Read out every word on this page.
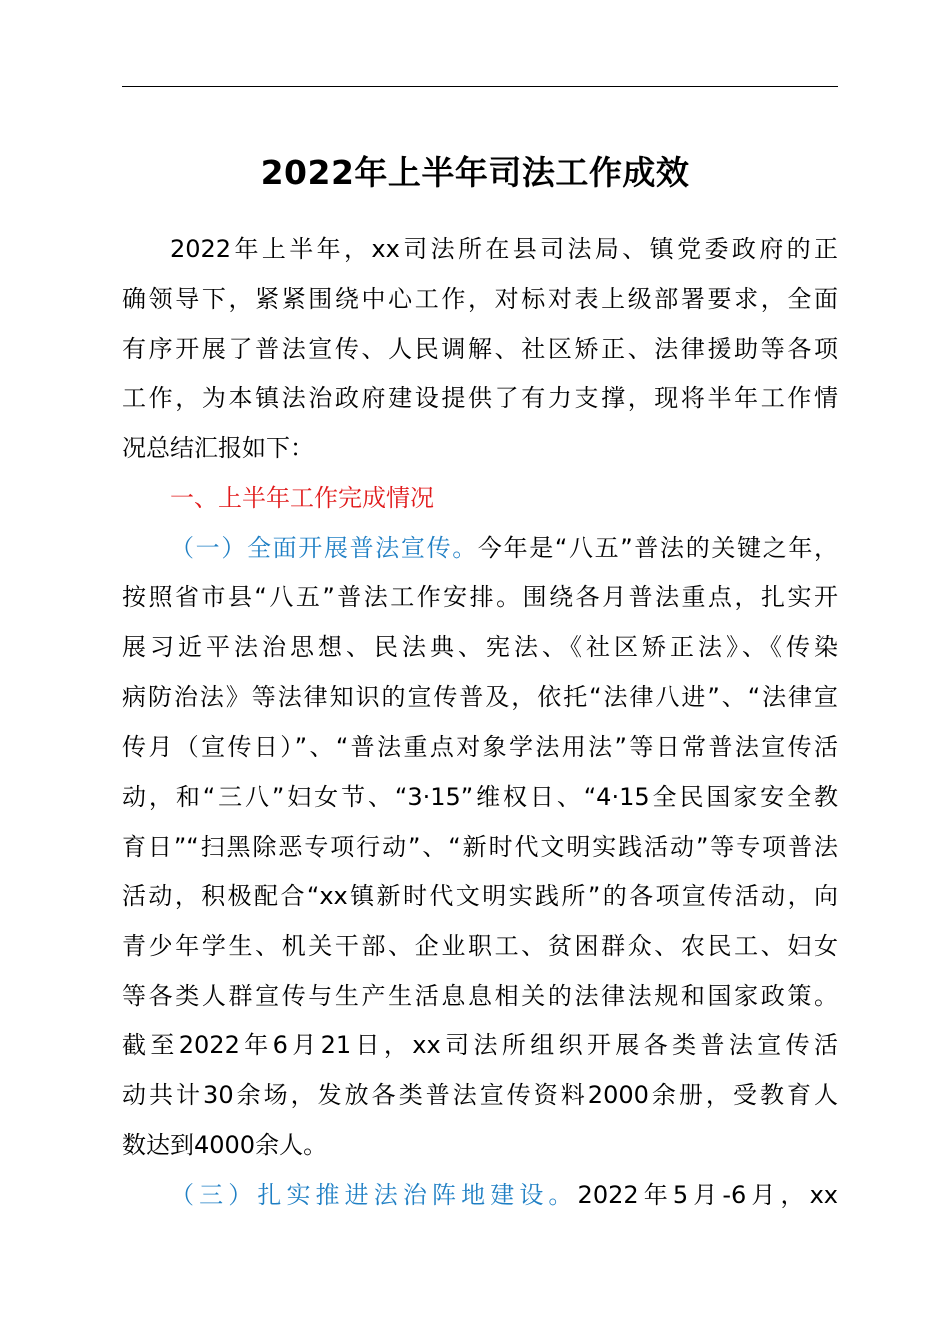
2022年上半年司法工作成效
2022年上半年，xx司法所在县司法局、镇党委政府的正
确领导下，紧紧围绕中心工作，对标对表上级部署要求，全面
有序开展了普法宣传、人民调解、社区矫正、法律援助等各项
工作，为本镇法治政府建设提供了有力支撑，现将半年工作情
况总结汇报如下：
一、上半年工作完成情况
（一）全面开展普法宣传。今年是“八五”普法的关键之年，
按照省市县“八五”普法工作安排。围绕各月普法重点，扎实开
展习近平法治思想、民法典、宪法、《社区矫正法》、《传染
病防治法》等法律知识的宣传普及，依托“法律八进”、“法律宣
传月（宣传日）”、“普法重点对象学法用法”等日常普法宣传活
动，和“三八”妇女节、“3·15”维权日、“4·15全民国家安全教
育日”“扫黑除恶专项行动”、“新时代文明实践活动”等专项普法
活动，积极配合“xx镇新时代文明实践所”的各项宣传活动，向
青少年学生、机关干部、企业职工、贫困群众、农民工、妇女
等各类人群宣传与生产生活息息相关的法律法规和国家政策。
截至2022年6月21日，xx司法所组织开展各类普法宣传活
动共计30余场，发放各类普法宣传资料2000余册，受教育人
数达到4000余人。
（三）扎实推进法治阵地建设。2022年5月-6月，xx
